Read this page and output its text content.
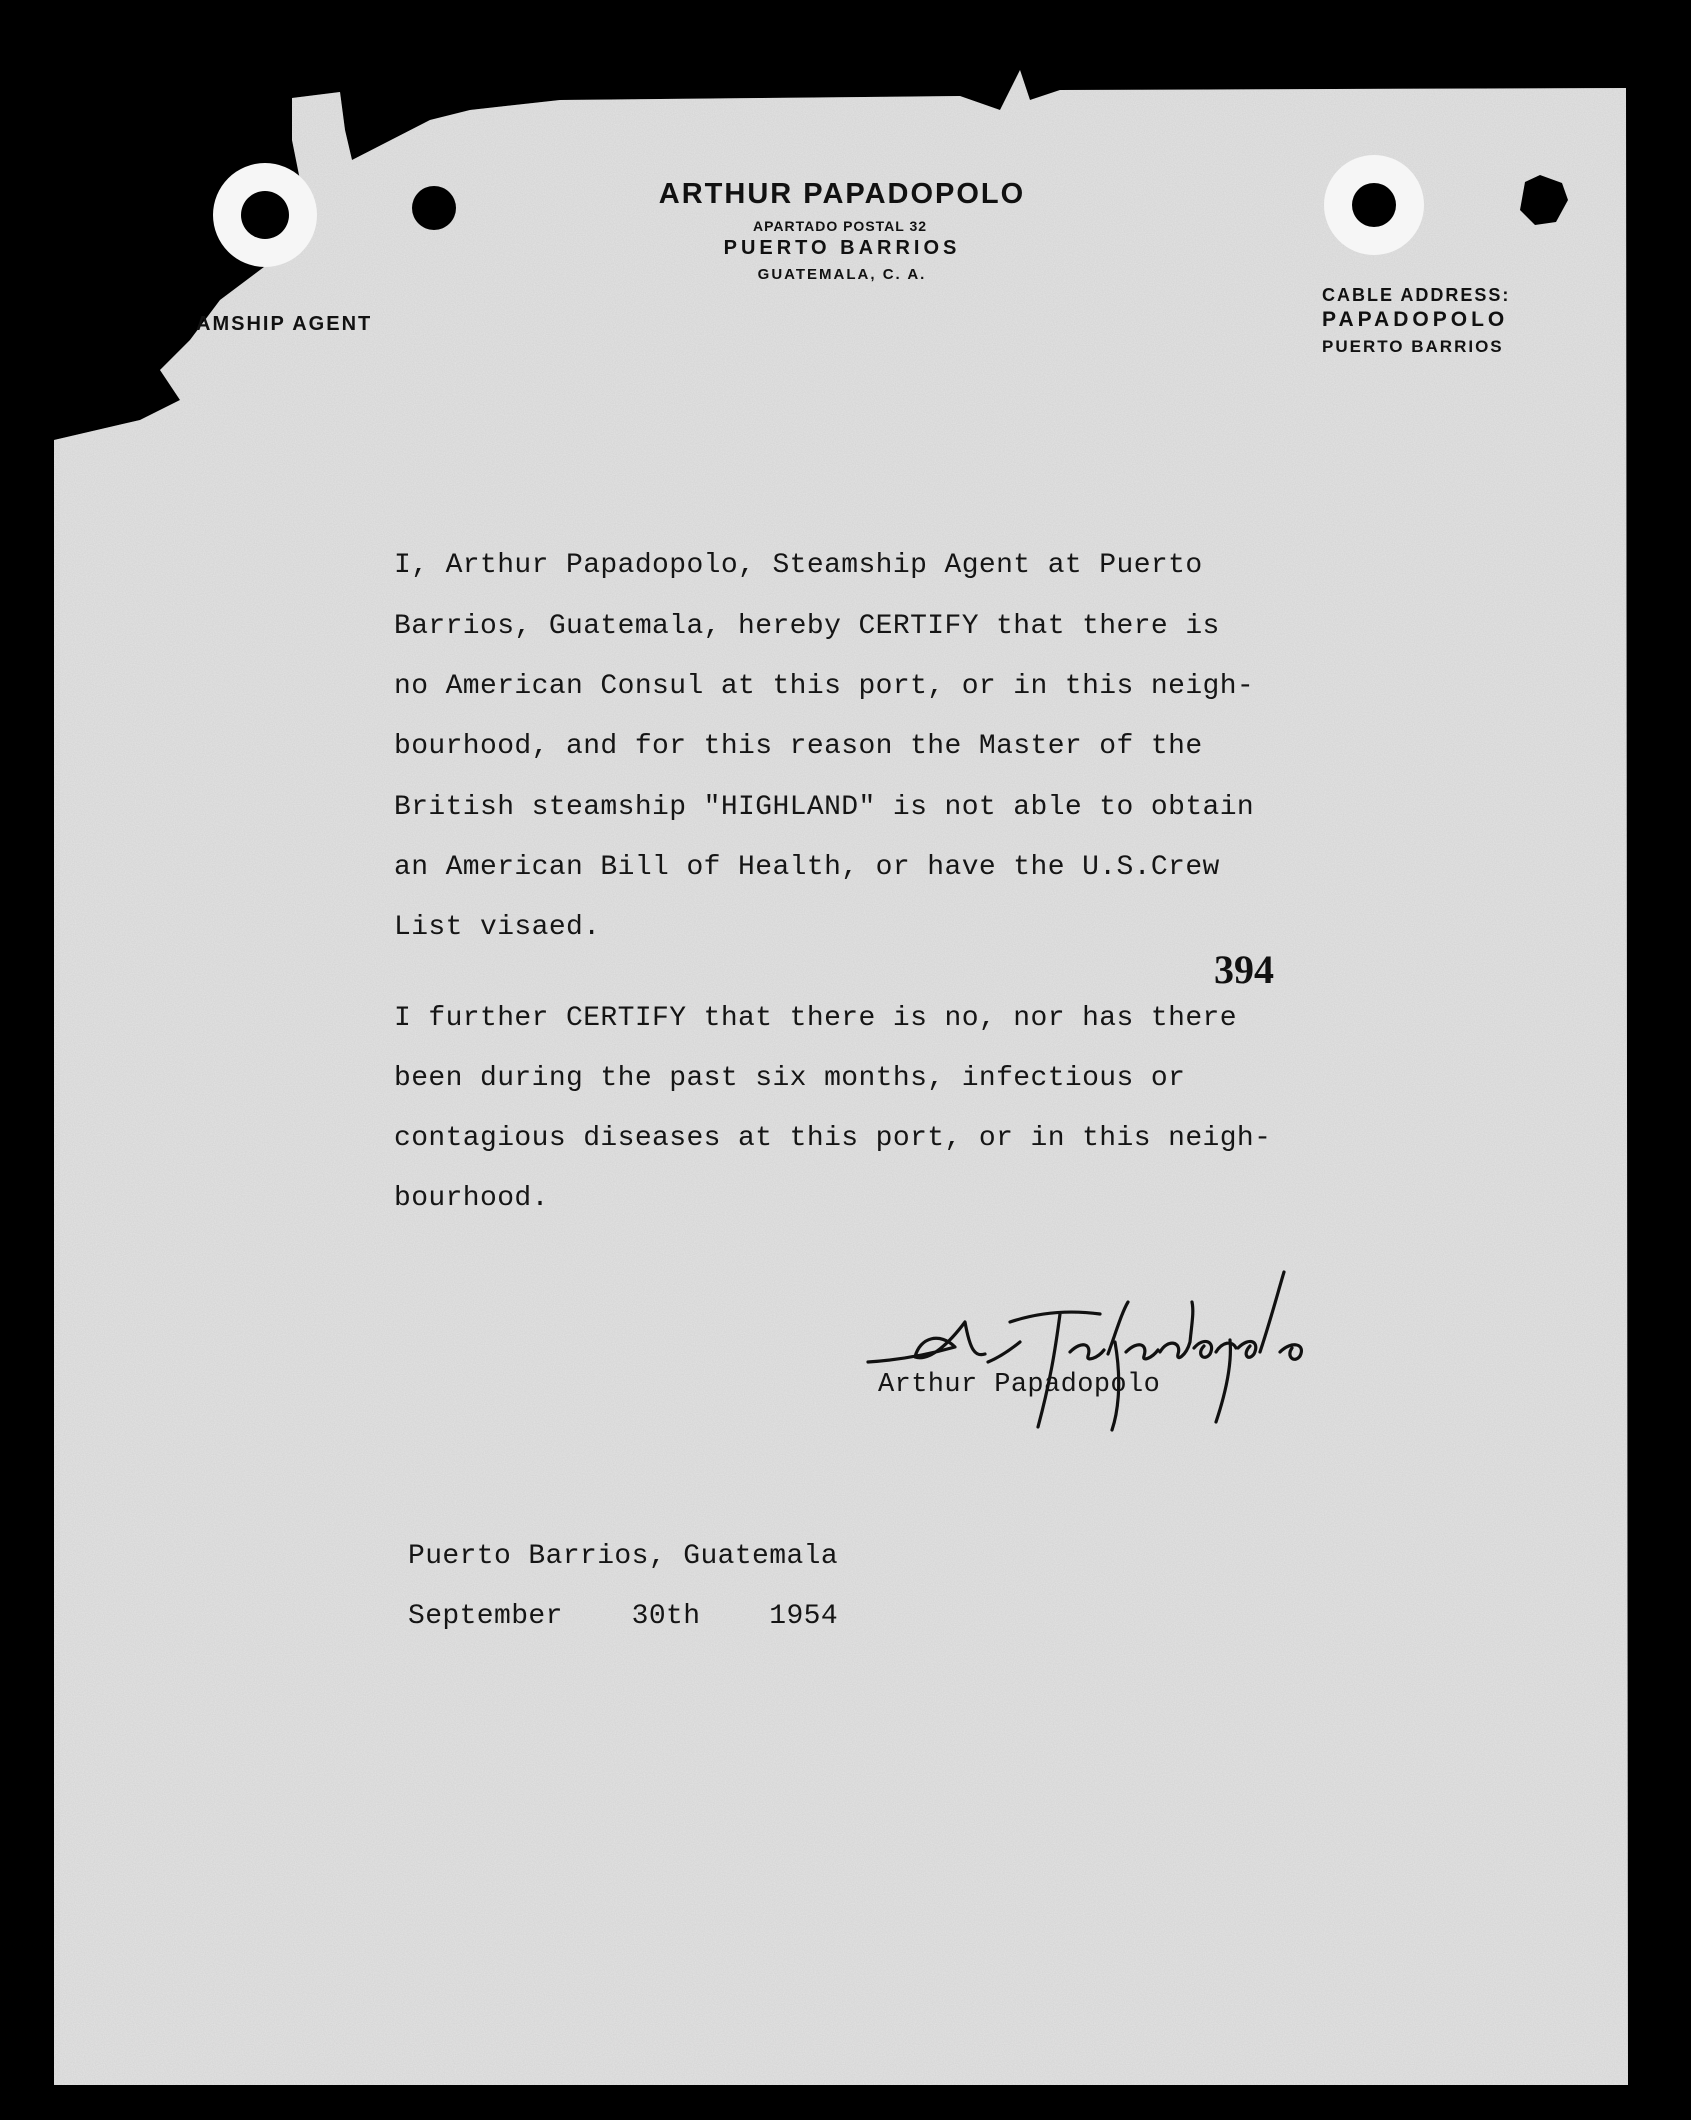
ARTHUR PAPADOPOLO
APARTADO POSTAL 32
PUERTO BARRIOS
GUATEMALA, C. A.
AMSHIP AGENT
CABLE ADDRESS:
PAPADOPOLO
PUERTO BARRIOS
I, Arthur Papadopolo, Steamship Agent at Puerto
Barrios, Guatemala, hereby CERTIFY that there is
no American Consul at this port, or in this neigh-
bourhood, and for this reason the Master of the
British steamship "HIGHLAND" is not able to obtain
an American Bill of Health, or have the U.S.Crew
List visaed.
394
I further CERTIFY that there is no, nor has there
been during the past six months, infectious or
contagious diseases at this port, or in this neigh-
bourhood.
Arthur Papadopolo
Puerto Barrios, Guatemala
September    30th    1954
